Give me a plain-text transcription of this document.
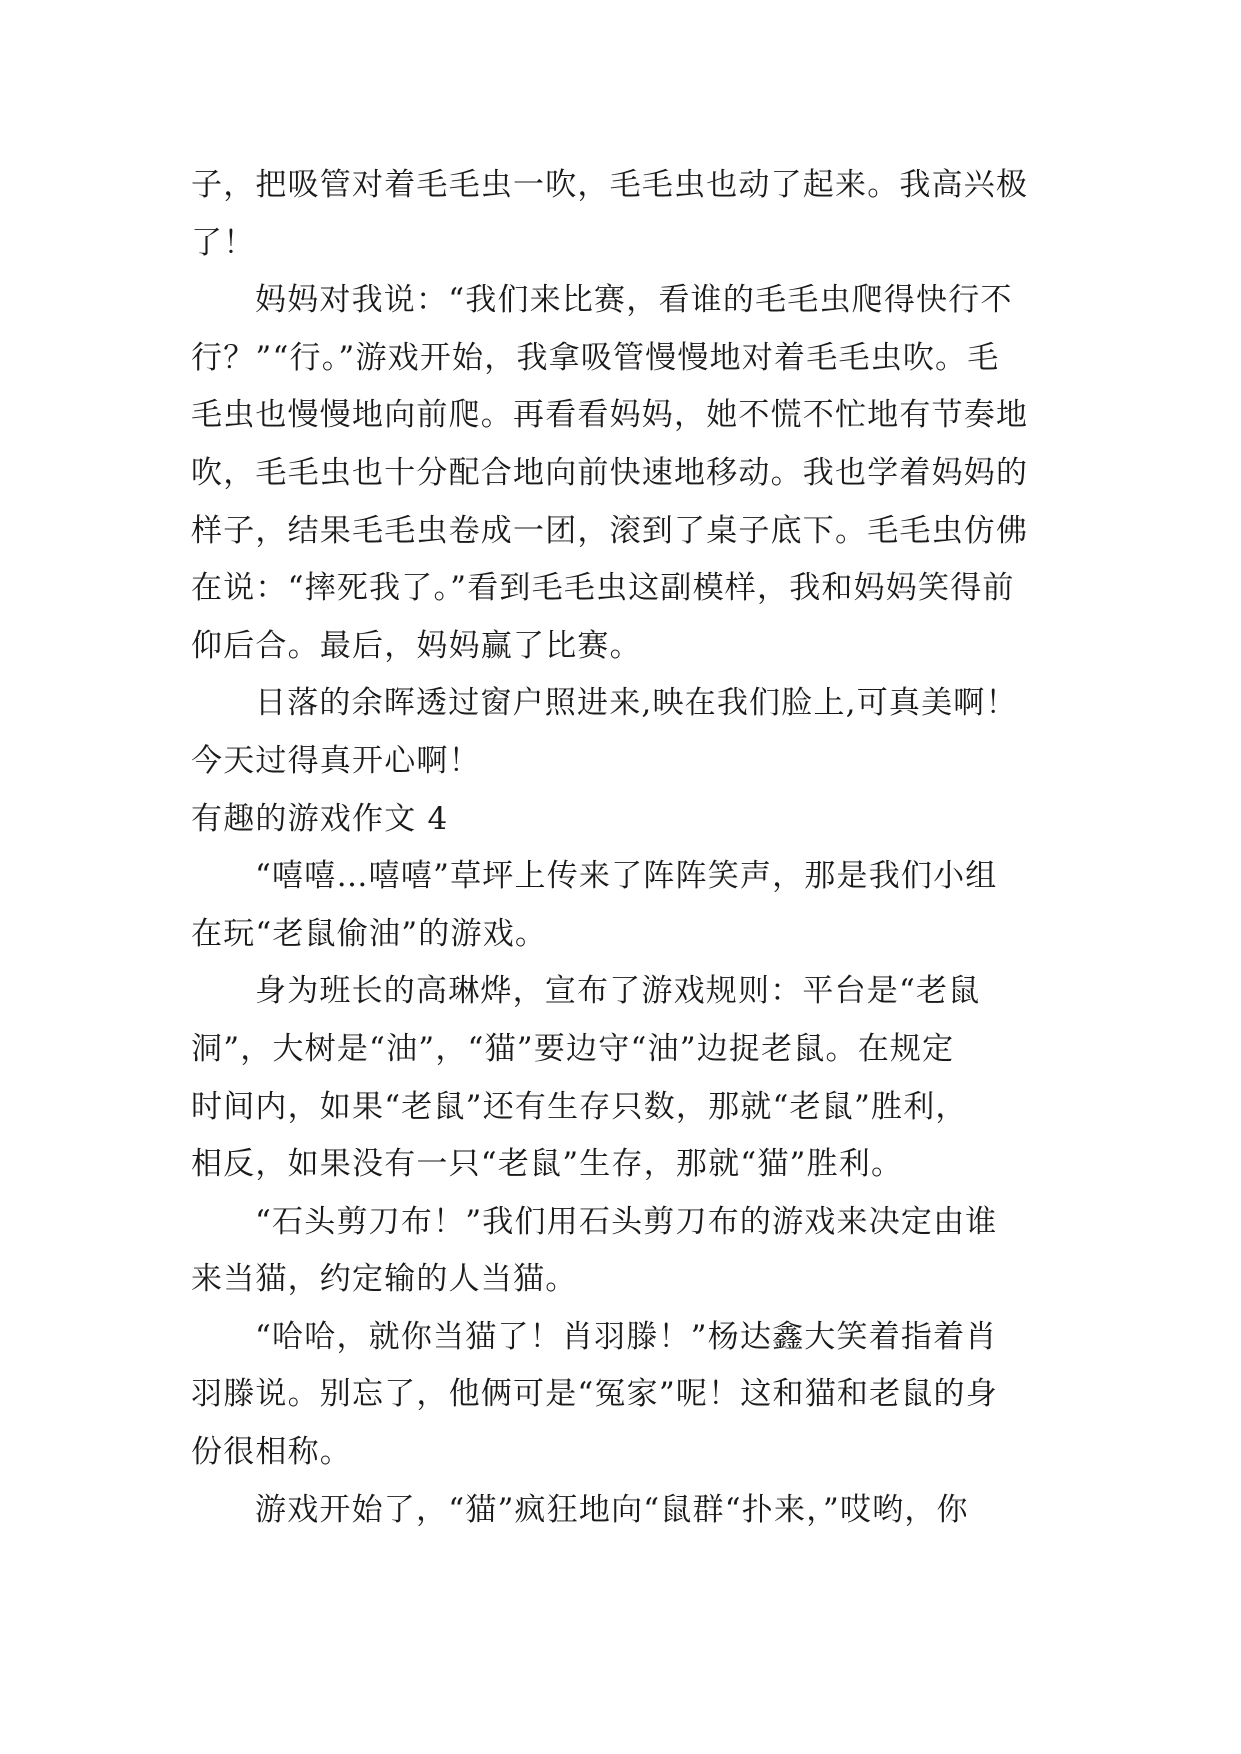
子，把吸管对着毛毛虫一吹，毛毛虫也动了起来。我高兴极
了！
妈妈对我说：“我们来比赛，看谁的毛毛虫爬得快行不
行？”“行。”游戏开始，我拿吸管慢慢地对着毛毛虫吹。毛
毛虫也慢慢地向前爬。再看看妈妈，她不慌不忙地有节奏地
吹，毛毛虫也十分配合地向前快速地移动。我也学着妈妈的
样子，结果毛毛虫卷成一团，滚到了桌子底下。毛毛虫仿佛
在说：“摔死我了。”看到毛毛虫这副模样，我和妈妈笑得前
仰后合。最后，妈妈赢了比赛。
日落的余晖透过窗户照进来,映在我们脸上,可真美啊！
今天过得真开心啊！
有趣的游戏作文 4
“嘻嘻…嘻嘻”草坪上传来了阵阵笑声，那是我们小组
在玩“老鼠偷油”的游戏。
身为班长的高琳烨，宣布了游戏规则：平台是“老鼠
洞”，大树是“油”，“猫”要边守“油”边捉老鼠。在规定
时间内，如果“老鼠”还有生存只数，那就“老鼠”胜利，
相反，如果没有一只“老鼠”生存，那就“猫”胜利。
“石头剪刀布！”我们用石头剪刀布的游戏来决定由谁
来当猫，约定输的人当猫。
“哈哈，就你当猫了！肖羽滕！”杨达鑫大笑着指着肖
羽滕说。别忘了，他俩可是“冤家”呢！这和猫和老鼠的身
份很相称。
游戏开始了，“猫”疯狂地向“鼠群“扑来，”哎哟，你
